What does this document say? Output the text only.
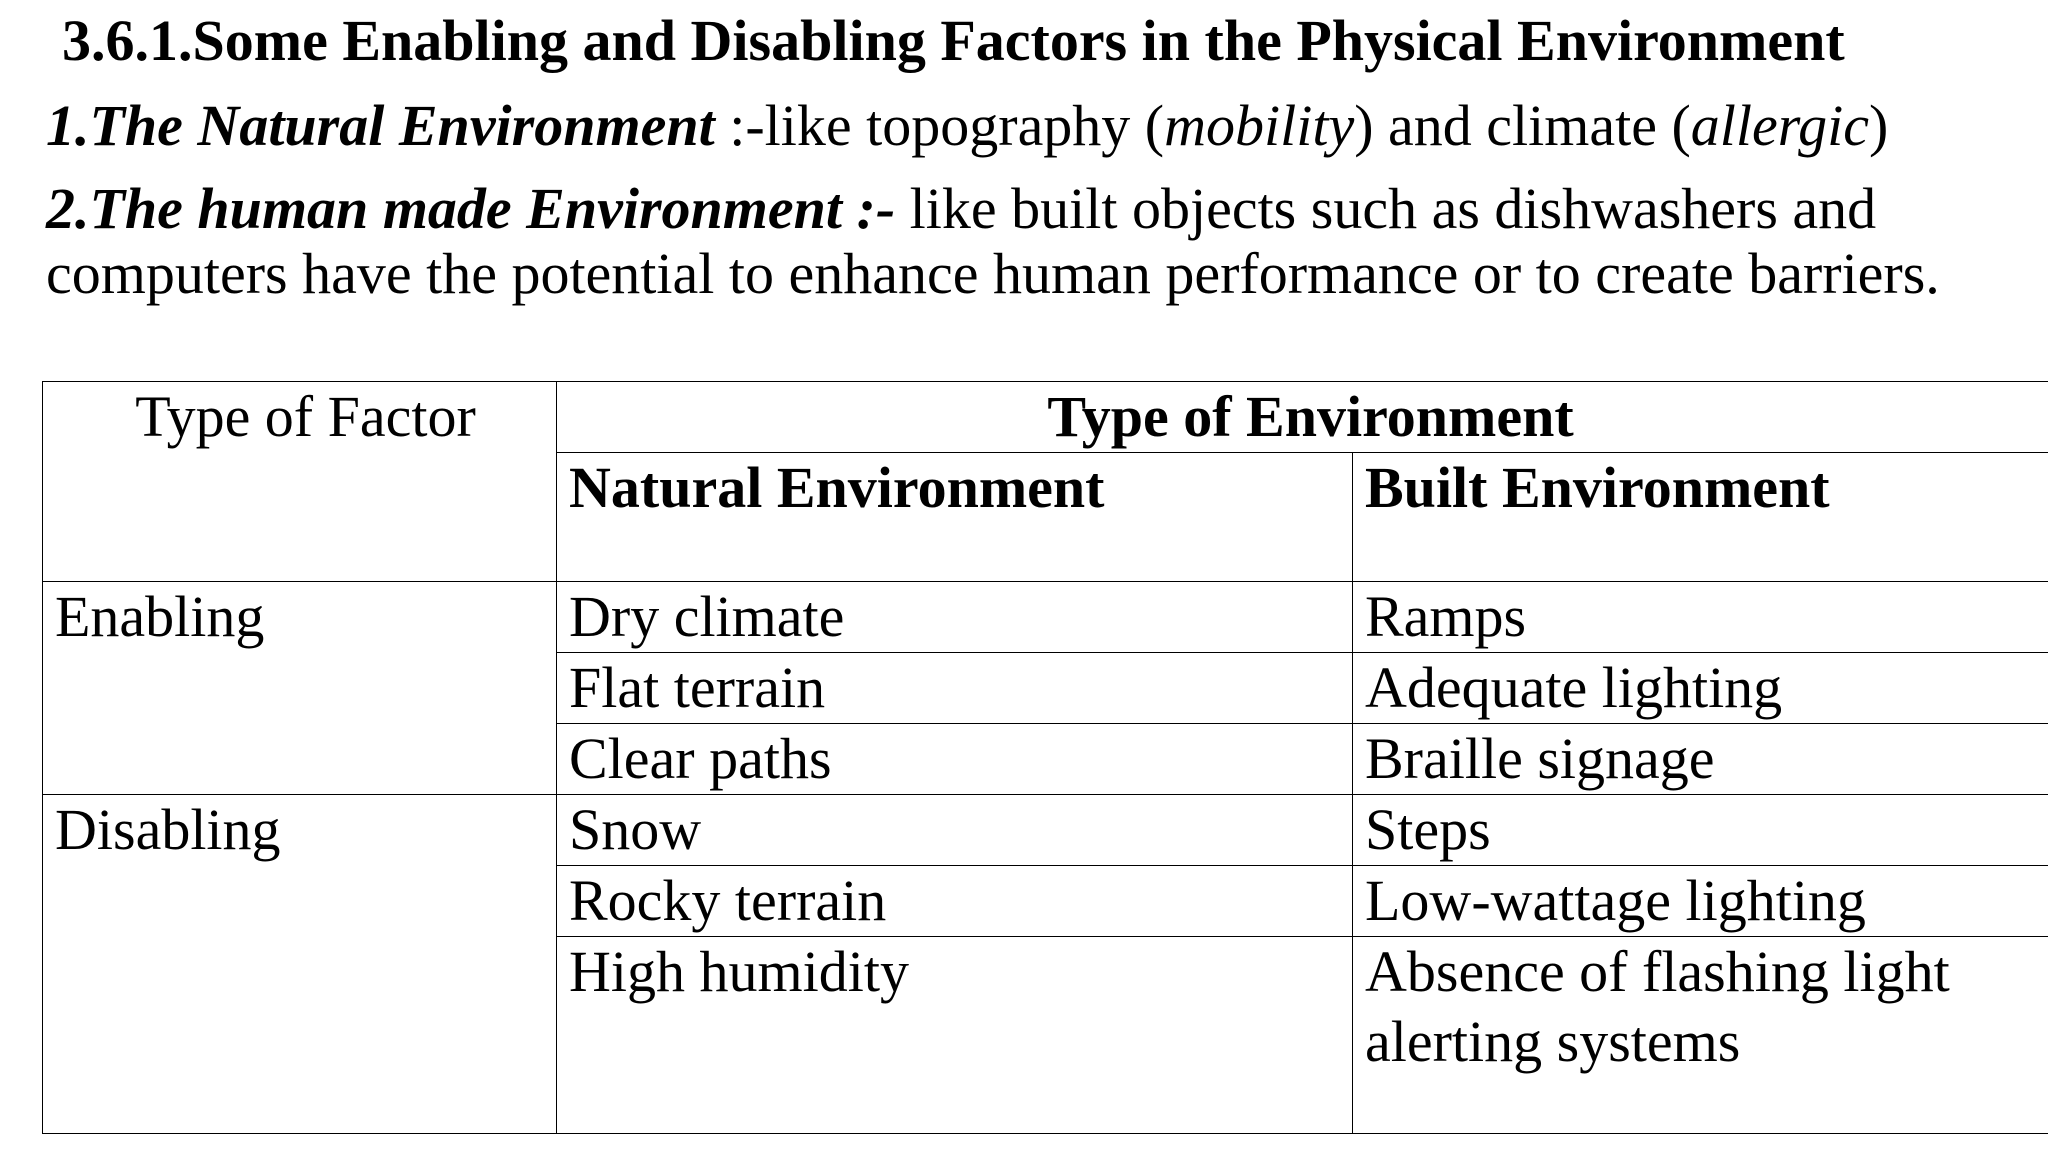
3.6.1.Some Enabling and Disabling Factors in the Physical Environment
1.The Natural Environment :-like topography (mobility) and climate (allergic)
2.The human made Environment :- like built objects such as dishwashers and computers have the potential to enhance human performance or to create barriers.
Type of Factor	Type of Environment	
	Natural Environment	Built Environment
Enabling	Dry climate	Ramps
	Flat terrain	Adequate lighting
	Clear paths	Braille signage
Disabling	Snow	Steps
	Rocky terrain	Low-wattage lighting
	High humidity	Absence of flashing light alerting systems
